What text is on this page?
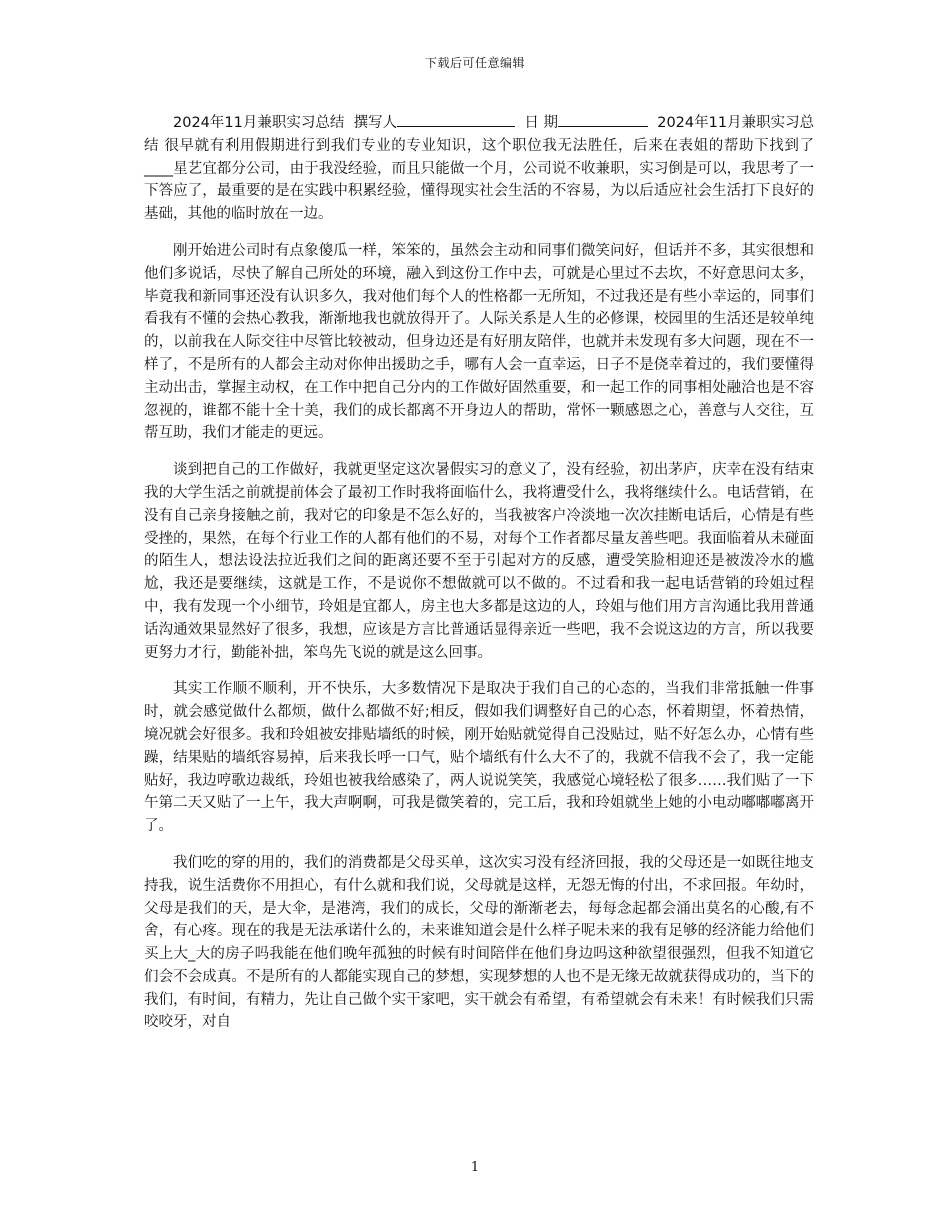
下载后可任意编辑

2024年11月兼职实习总结 撰写人	日 期	2024年11月兼职实习总结 很早就有利用假期进行到我们专业的专业知识，这个职位我无法胜任，后来在表姐的帮助下找到了____星艺宜都分公司，由于我没经验，而且只能做一个月，公司说不收兼职，实习倒是可以，我思考了一下答应了，最重要的是在实践中积累经验，懂得现实社会生活的不容易，为以后适应社会生活打下良好的基础，其他的临时放在一边。

刚开始进公司时有点象傻瓜一样，笨笨的，虽然会主动和同事们微笑问好，但话并不多，其实很想和他们多说话，尽快了解自己所处的环境，融入到这份工作中去，可就是心里过不去坎，不好意思问太多，毕竟我和新同事还没有认识多久，我对他们每个人的性格都一无所知，不过我还是有些小幸运的，同事们看我有不懂的会热心教我，渐渐地我也就放得开了。人际关系是人生的必修课，校园里的生活还是较单纯的，以前我在人际交往中尽管比较被动，但身边还是有好朋友陪伴，也就并未发现有多大问题，现在不一样了，不是所有的人都会主动对你伸出援助之手，哪有人会一直幸运，日子不是侥幸着过的，我们要懂得主动出击，掌握主动权，在工作中把自己分内的工作做好固然重要，和一起工作的同事相处融洽也是不容忽视的，谁都不能十全十美，我们的成长都离不开身边人的帮助，常怀一颗感恩之心，善意与人交往，互帮互助，我们才能走的更远。

谈到把自己的工作做好，我就更坚定这次暑假实习的意义了，没有经验，初出茅庐，庆幸在没有结束我的大学生活之前就提前体会了最初工作时我将面临什么，我将遭受什么，我将继续什么。电话营销，在没有自己亲身接触之前，我对它的印象是不怎么好的，当我被客户冷淡地一次次挂断电话后，心情是有些受挫的，果然，在每个行业工作的人都有他们的不易，对每个工作者都尽量友善些吧。我面临着从未碰面的陌生人，想法设法拉近我们之间的距离还要不至于引起对方的反感，遭受笑脸相迎还是被泼冷水的尴尬，我还是要继续，这就是工作，不是说你不想做就可以不做的。不过看和我一起电话营销的玲姐过程中，我有发现一个小细节，玲姐是宜都人，房主也大多都是这边的人，玲姐与他们用方言沟通比我用普通话沟通效果显然好了很多，我想，应该是方言比普通话显得亲近一些吧，我不会说这边的方言，所以我要更努力才行，勤能补拙，笨鸟先飞说的就是这么回事。

其实工作顺不顺利，开不快乐，大多数情况下是取决于我们自己的心态的，当我们非常抵触一件事时，就会感觉做什么都烦，做什么都做不好;相反，假如我们调整好自己的心态，怀着期望，怀着热情，境况就会好很多。我和玲姐被安排贴墙纸的时候，刚开始贴就觉得自己没贴过，贴不好怎么办，心情有些躁，结果贴的墙纸容易掉，后来我长呼一口气，贴个墙纸有什么大不了的，我就不信我不会了，我一定能贴好，我边哼歌边裁纸，玲姐也被我给感染了，两人说说笑笑，我感觉心境轻松了很多……我们贴了一下午第二天又贴了一上午，我大声啊啊，可我是微笑着的，完工后，我和玲姐就坐上她的小电动嘟嘟嘟离开了。

我们吃的穿的用的，我们的消费都是父母买单，这次实习没有经济回报，我的父母还是一如既往地支持我，说生活费你不用担心，有什么就和我们说，父母就是这样，无怨无悔的付出，不求回报。年幼时，父母是我们的天，是大伞，是港湾，我们的成长，父母的渐渐老去，每每念起都会涌出莫名的心酸,有不舍，有心疼。现在的我是无法承诺什么的，未来谁知道会是什么样子呢未来的我有足够的经济能力给他们买上大_大的房子吗我能在他们晚年孤独的时候有时间陪伴在他们身边吗这种欲望很强烈，但我不知道它们会不会成真。不是所有的人都能实现自己的梦想，实现梦想的人也不是无缘无故就获得成功的，当下的我们，有时间，有精力，先让自己做个实干家吧，实干就会有希望，有希望就会有未来！有时候我们只需咬咬牙，对自

1
